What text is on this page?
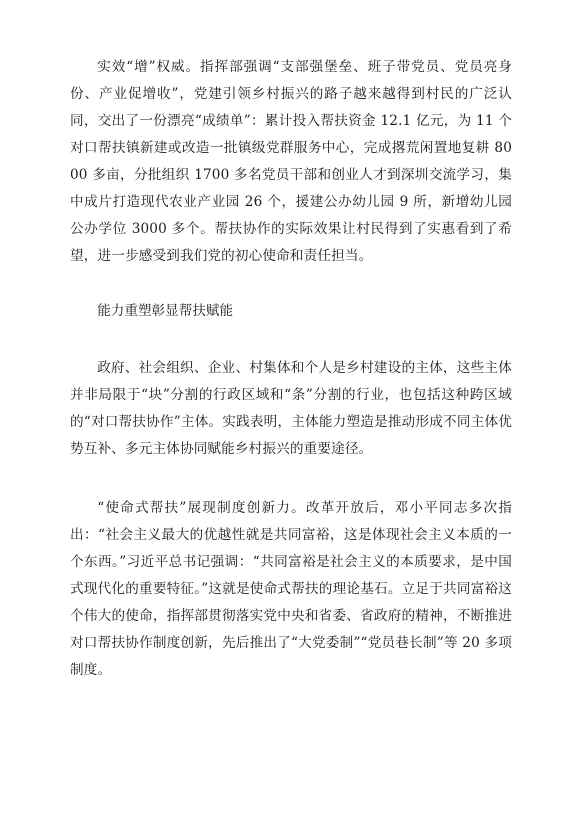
实效“增”权威。指挥部强调“支部强堡垒、班子带党员、党员亮身份、产业促增收”，党建引领乡村振兴的路子越来越得到村民的广泛认同，交出了一份漂亮“成绩单”：累计投入帮扶资金 12.1 亿元，为 11 个对口帮扶镇新建或改造一批镇级党群服务中心，完成撂荒闲置地复耕 8000 多亩，分批组织 1700 多名党员干部和创业人才到深圳交流学习，集中成片打造现代农业产业园 26 个，援建公办幼儿园 9 所，新增幼儿园公办学位 3000 多个。帮扶协作的实际效果让村民得到了实惠看到了希望，进一步感受到我们党的初心使命和责任担当。

能力重塑彰显帮扶赋能

政府、社会组织、企业、村集体和个人是乡村建设的主体，这些主体并非局限于“块”分割的行政区域和“条”分割的行业，也包括这种跨区域的“对口帮扶协作”主体。实践表明，主体能力塑造是推动形成不同主体优势互补、多元主体协同赋能乡村振兴的重要途径。

“使命式帮扶”展现制度创新力。改革开放后，邓小平同志多次指出：“社会主义最大的优越性就是共同富裕，这是体现社会主义本质的一个东西。”习近平总书记强调：“共同富裕是社会主义的本质要求，是中国式现代化的重要特征。”这就是使命式帮扶的理论基石。立足于共同富裕这个伟大的使命，指挥部贯彻落实党中央和省委、省政府的精神，不断推进对口帮扶协作制度创新，先后推出了“大党委制”“党员巷长制”等 20 多项制度。
